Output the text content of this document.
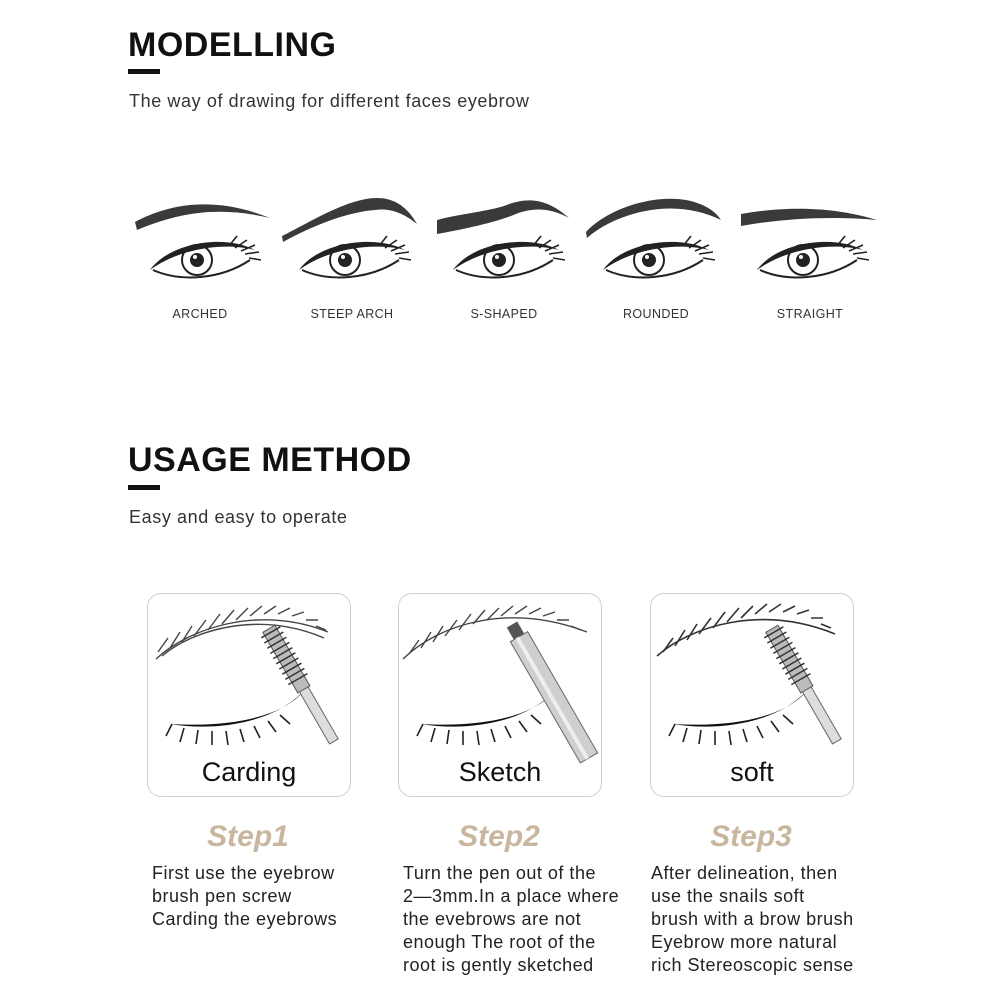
MODELLING
The way of drawing for different faces eyebrow
ARCHED	STEEP ARCH	S-SHAPED	ROUNDED	STRAIGHT
USAGE METHOD
Easy and easy to operate
Carding	Sketch	soft
Step1	Step2	Step3
First use the eyebrow
brush pen screw
Carding the eyebrows
Turn the pen out of the
2—3mm.In a place where
the evebrows are not
enough The root of the
root is gently sketched
After delineation, then
use the snails soft
brush with a brow brush
Eyebrow more natural
rich Stereoscopic sense
